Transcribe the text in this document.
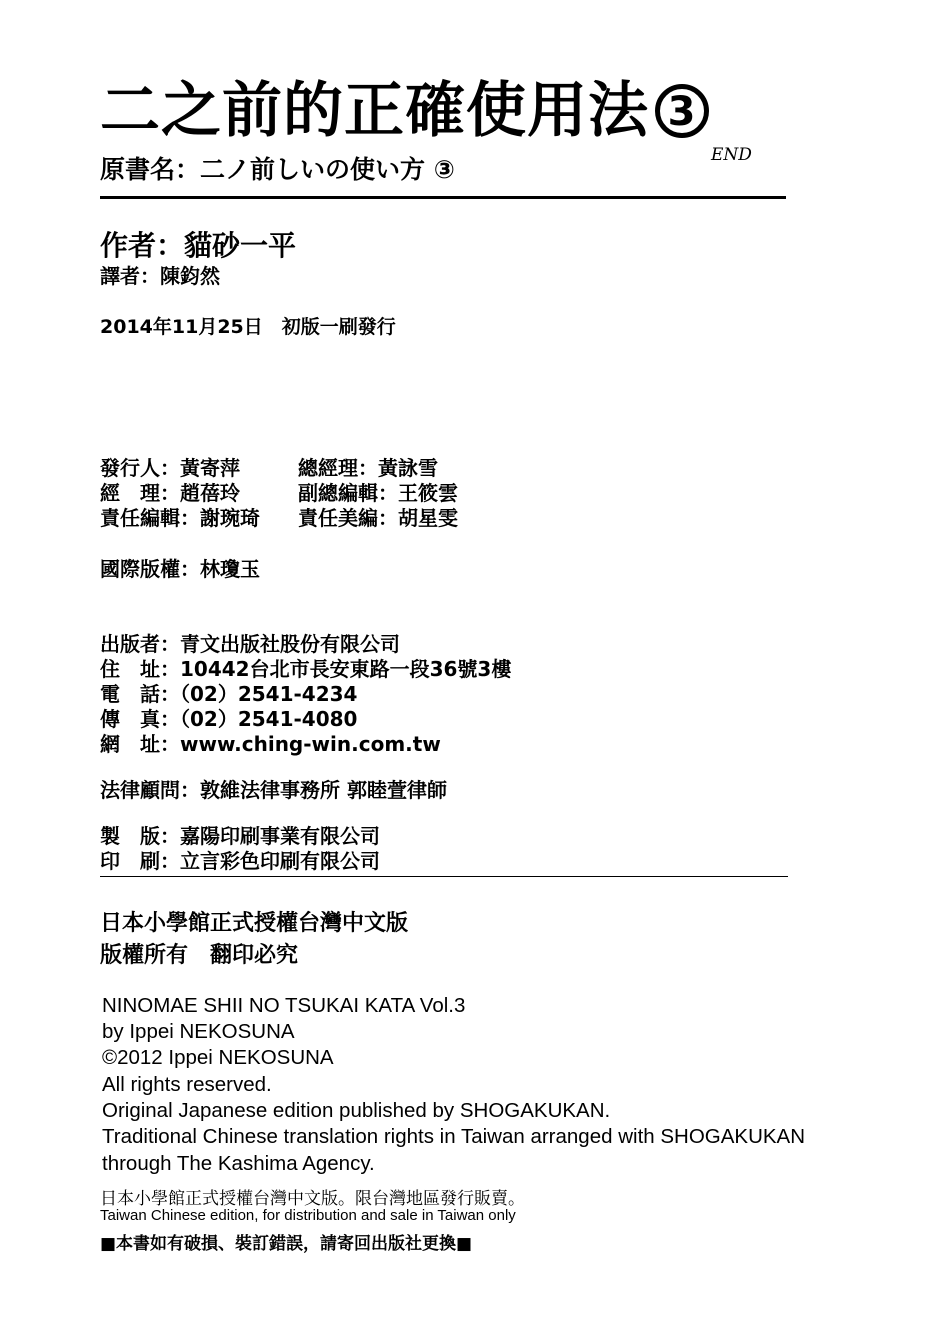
二之前的正確使用法 3
END
原書名：二ノ前しいの使い方 ③
作者：貓砂一平
譯者：陳鈞然
2014年11月25日　初版一刷發行
發行人：黃寄萍	總經理：黃詠雪
經　理：趙蓓玲	副總編輯：王筱雲
責任編輯：謝琬琦 責任美編：胡星雯
國際版權：林瓊玉
出版者：青文出版社股份有限公司
住　址：10442台北市長安東路一段36號3樓
電　話：（02）2541-4234
傳　真：（02）2541-4080
網　址：www.ching-win.com.tw
法律顧問：敦維法律事務所 郭睦萱律師
製　版：嘉陽印刷事業有限公司
印　刷：立言彩色印刷有限公司
日本小學館正式授權台灣中文版
版權所有　翻印必究
NINOMAE SHII NO TSUKAI KATA Vol.3
by Ippei NEKOSUNA
©2012 Ippei NEKOSUNA
All rights reserved.
Original Japanese edition published by SHOGAKUKAN.
Traditional Chinese translation rights in Taiwan arranged with SHOGAKUKAN
through The Kashima Agency.
日本小學館正式授權台灣中文版。限台灣地區發行販賣。
Taiwan Chinese edition, for distribution and sale in Taiwan only
■本書如有破損、裝訂錯誤，請寄回出版社更換■
